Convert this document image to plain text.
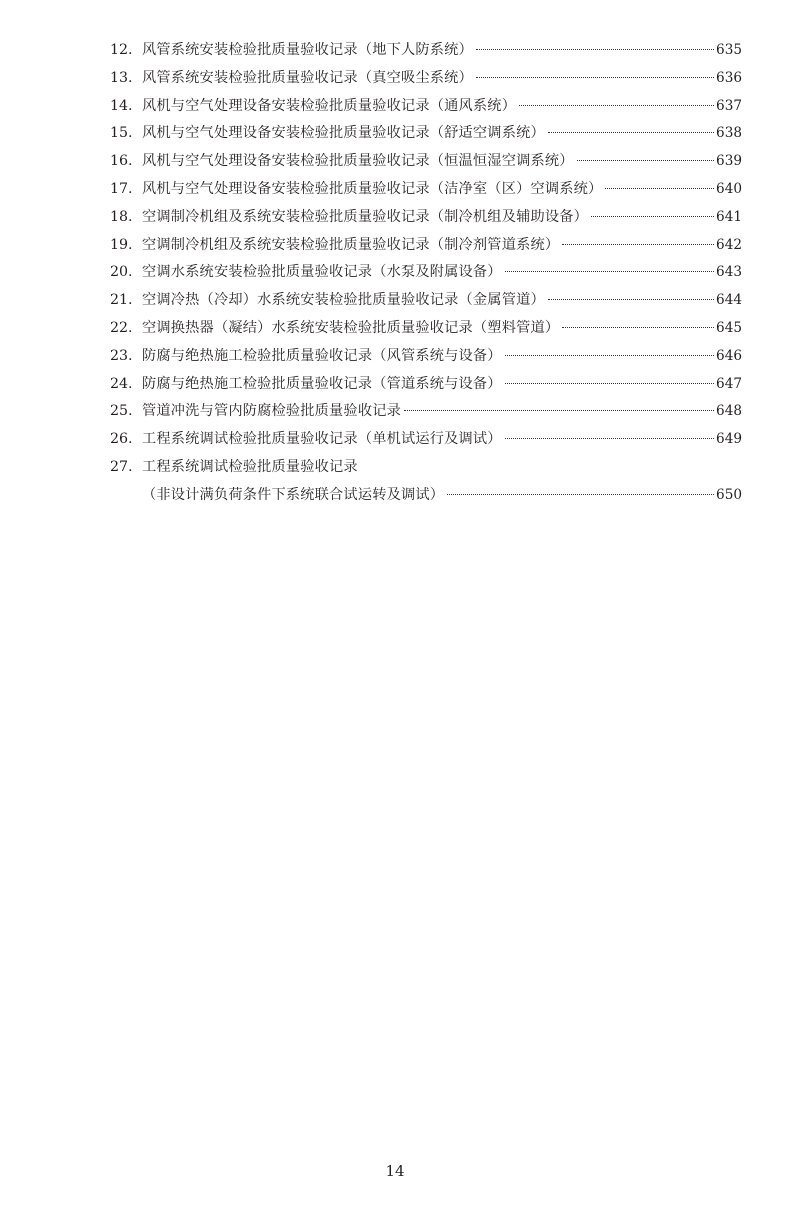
12. 风管系统安装检验批质量验收记录（地下人防系统）	635
13. 风管系统安装检验批质量验收记录（真空吸尘系统）	636
14. 风机与空气处理设备安装检验批质量验收记录（通风系统）	637
15. 风机与空气处理设备安装检验批质量验收记录（舒适空调系统）	638
16. 风机与空气处理设备安装检验批质量验收记录（恒温恒湿空调系统）	639
17. 风机与空气处理设备安装检验批质量验收记录（洁净室（区）空调系统）	640
18. 空调制冷机组及系统安装检验批质量验收记录（制冷机组及辅助设备）	641
19. 空调制冷机组及系统安装检验批质量验收记录（制冷剂管道系统）	642
20. 空调水系统安装检验批质量验收记录（水泵及附属设备）	643
21. 空调冷热（冷却）水系统安装检验批质量验收记录（金属管道）	644
22. 空调换热器（凝结）水系统安装检验批质量验收记录（塑料管道）	645
23. 防腐与绝热施工检验批质量验收记录（风管系统与设备）	646
24. 防腐与绝热施工检验批质量验收记录（管道系统与设备）	647
25. 管道冲洗与管内防腐检验批质量验收记录	648
26. 工程系统调试检验批质量验收记录（单机试运行及调试）	649
27. 工程系统调试检验批质量验收记录
（非设计满负荷条件下系统联合试运转及调试）	650
14
